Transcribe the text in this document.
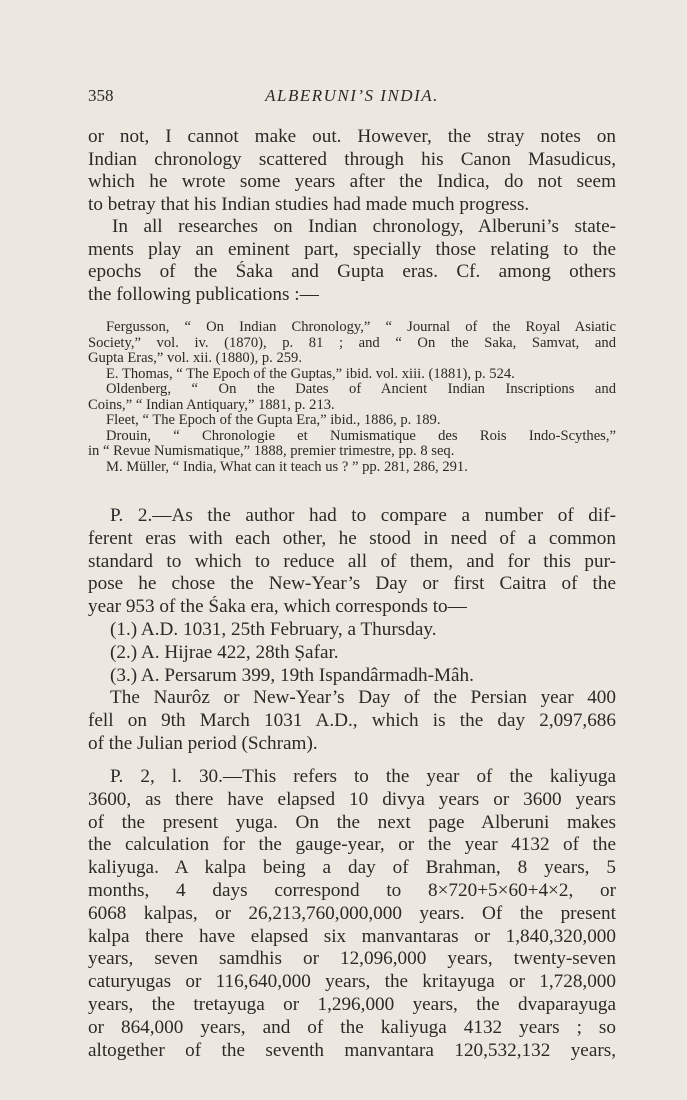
358	ALBERUNI’S INDIA.
or not, I cannot make out. However, the stray notes on
Indian chronology scattered through his Canon Masudicus,
which he wrote some years after the Indica, do not seem
to betray that his Indian studies had made much progress.
In all researches on Indian chronology, Alberuni’s state-
ments play an eminent part, specially those relating to the
epochs of the Śaka and Gupta eras. Cf. among others
the following publications :—
Fergusson, “ On Indian Chronology,” “ Journal of the Royal Asiatic
Society,” vol. iv. (1870), p. 81 ; and “ On the Saka, Samvat, and
Gupta Eras,” vol. xii. (1880), p. 259.
E. Thomas, “ The Epoch of the Guptas,” ibid. vol. xiii. (1881), p. 524.
Oldenberg, “ On the Dates of Ancient Indian Inscriptions and
Coins,” “ Indian Antiquary,” 1881, p. 213.
Fleet, “ The Epoch of the Gupta Era,” ibid., 1886, p. 189.
Drouin, “ Chronologie et Numismatique des Rois Indo-Scythes,”
in “ Revue Numismatique,” 1888, premier trimestre, pp. 8 seq.
M. Müller, “ India, What can it teach us ? ” pp. 281, 286, 291.
P. 2.—As the author had to compare a number of dif-
ferent eras with each other, he stood in need of a common
standard to which to reduce all of them, and for this pur-
pose he chose the New-Year’s Day or first Caitra of the
year 953 of the Śaka era, which corresponds to—
(1.) A.D. 1031, 25th February, a Thursday.
(2.) A. Hijrae 422, 28th Ṣafar.
(3.) A. Persarum 399, 19th Ispandârmadh-Mâh.
The Naurôz or New-Year’s Day of the Persian year 400
fell on 9th March 1031 A.D., which is the day 2,097,686
of the Julian period (Schram).
P. 2, l. 30.—This refers to the year of the kaliyuga
3600, as there have elapsed 10 divya years or 3600 years
of the present yuga. On the next page Alberuni makes
the calculation for the gauge-year, or the year 4132 of the
kaliyuga. A kalpa being a day of Brahman, 8 years, 5
months, 4 days correspond to 8×720+5×60+4×2, or
6068 kalpas, or 26,213,760,000,000 years. Of the present
kalpa there have elapsed six manvantaras or 1,840,320,000
years, seven samdhis or 12,096,000 years, twenty-seven
caturyugas or 116,640,000 years, the kritayuga or 1,728,000
years, the tretayuga or 1,296,000 years, the dvaparayuga
or 864,000 years, and of the kaliyuga 4132 years ; so
altogether of the seventh manvantara 120,532,132 years,
